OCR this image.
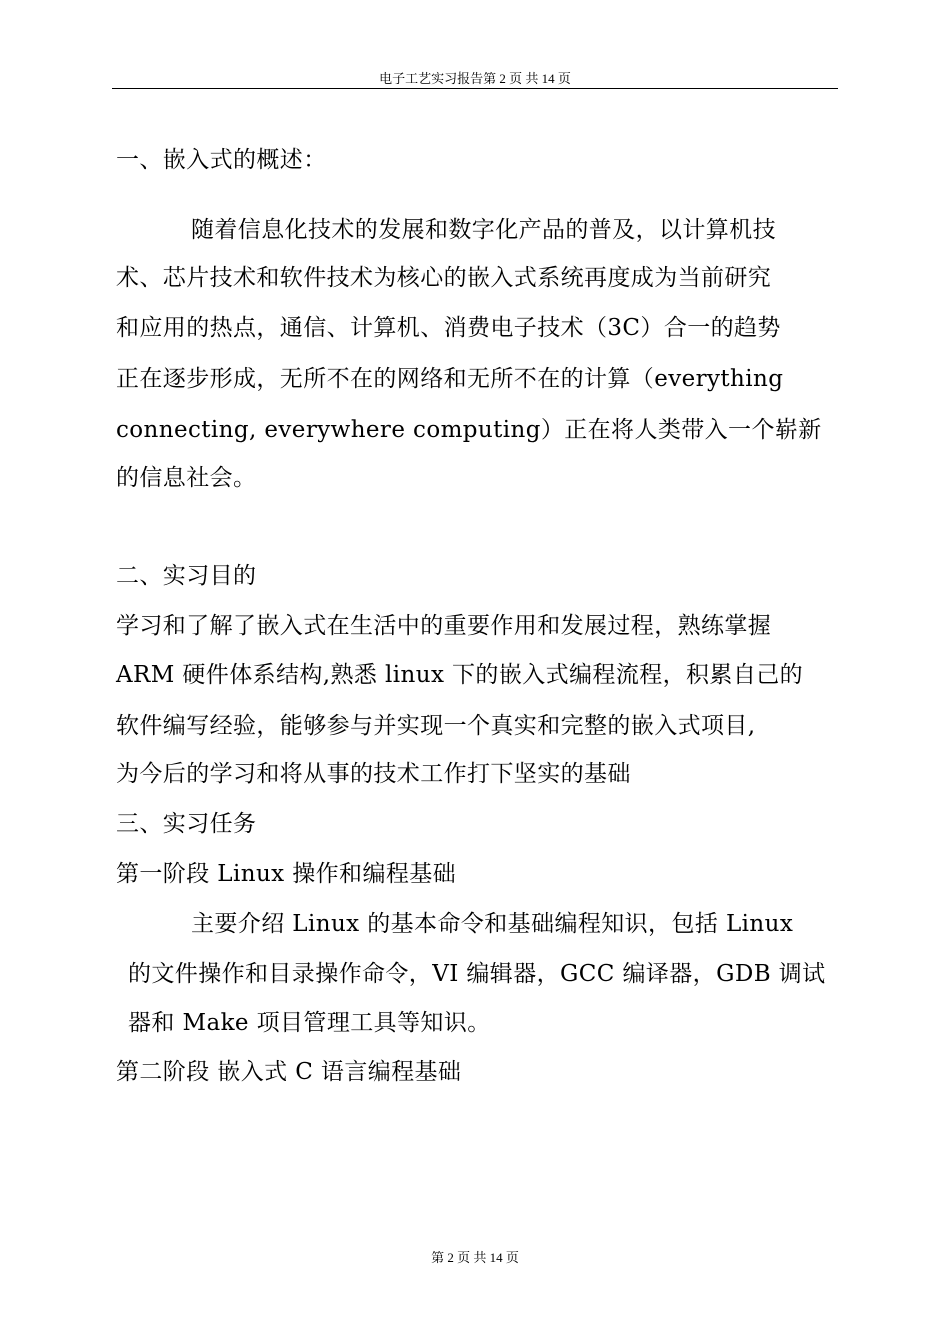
电子工艺实习报告第 2 页 共 14 页
一、嵌入式的概述：
随着信息化技术的发展和数字化产品的普及，以计算机技
术、芯片技术和软件技术为核心的嵌入式系统再度成为当前研究
和应用的热点，通信、计算机、消费电子技术（3C）合一的趋势
正在逐步形成，无所不在的网络和无所不在的计算（everything
connecting, everywhere computing）正在将人类带入一个崭新
的信息社会。
二、实习目的
学习和了解了嵌入式在生活中的重要作用和发展过程，熟练掌握
ARM 硬件体系结构,熟悉 linux 下的嵌入式编程流程，积累自己的
软件编写经验，能够参与并实现一个真实和完整的嵌入式项目,
为今后的学习和将从事的技术工作打下坚实的基础
三、实习任务
第一阶段 Linux 操作和编程基础
主要介绍 Linux 的基本命令和基础编程知识，包括 Linux
的文件操作和目录操作命令，VI 编辑器，GCC 编译器，GDB 调试
器和 Make 项目管理工具等知识。
第二阶段 嵌入式 C 语言编程基础
第 2 页 共 14 页
